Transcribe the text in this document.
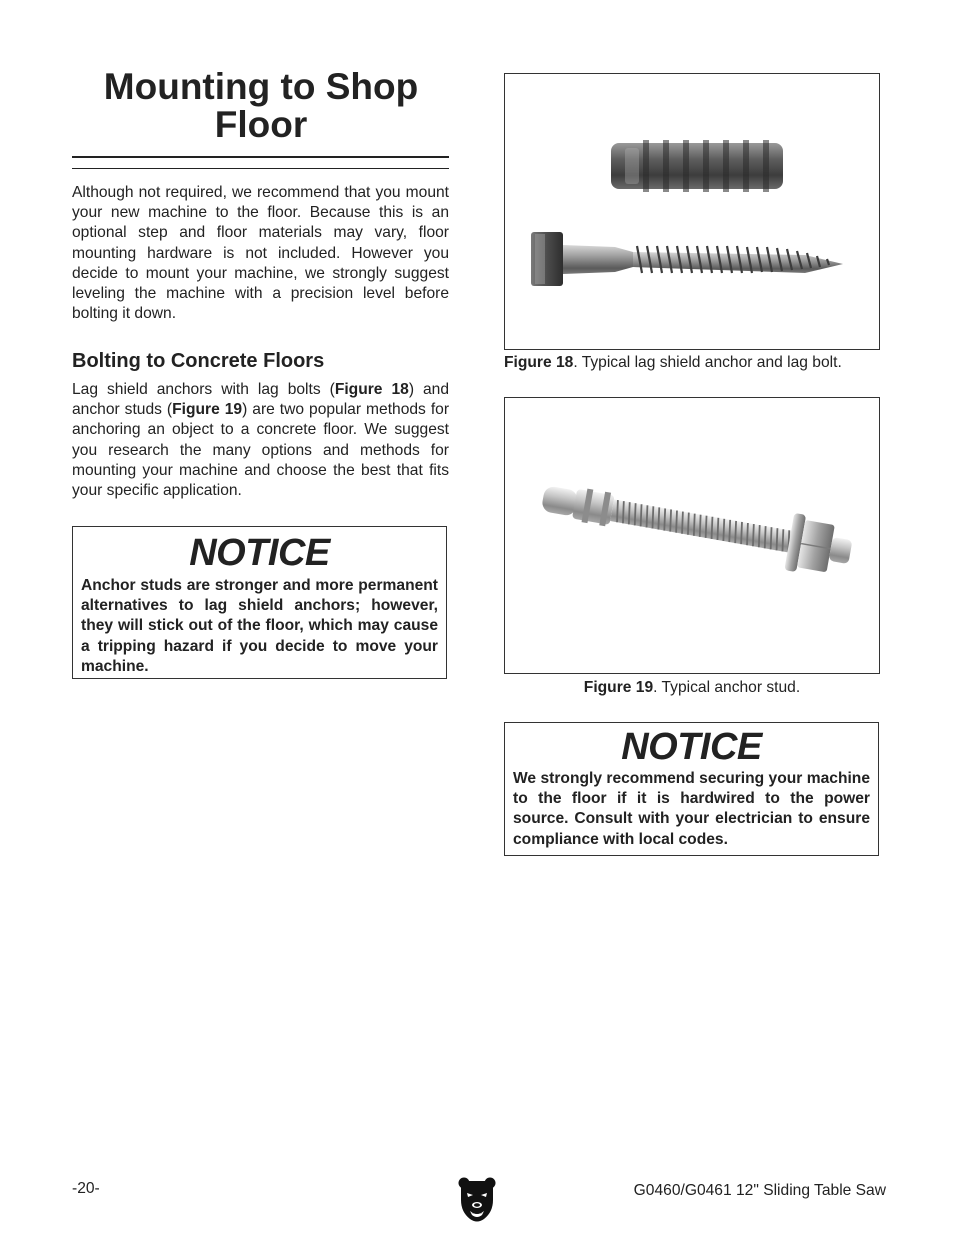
Mounting to Shop Floor
Although not required, we recommend that you mount your new machine to the floor. Because this is an optional step and floor materials may vary, floor mounting hardware is not included. However you decide to mount your machine, we strongly suggest leveling the machine with a precision level before bolting it down.
Bolting to Concrete Floors
Lag shield anchors with lag bolts (Figure 18) and anchor studs (Figure 19) are two popular methods for anchoring an object to a concrete floor. We suggest you research the many options and methods for mounting your machine and choose the best that fits your specific application.
NOTICE
Anchor studs are stronger and more permanent alternatives to lag shield anchors; however, they will stick out of the floor, which may cause a tripping hazard if you decide to move your machine.
Figure 18. Typical lag shield anchor and lag bolt.
Figure 19. Typical anchor stud.
NOTICE
We strongly recommend securing your machine to the floor if it is hardwired to the power source. Consult with your electrician to ensure compliance with local codes.
-20-	G0460/G0461 12" Sliding Table Saw
